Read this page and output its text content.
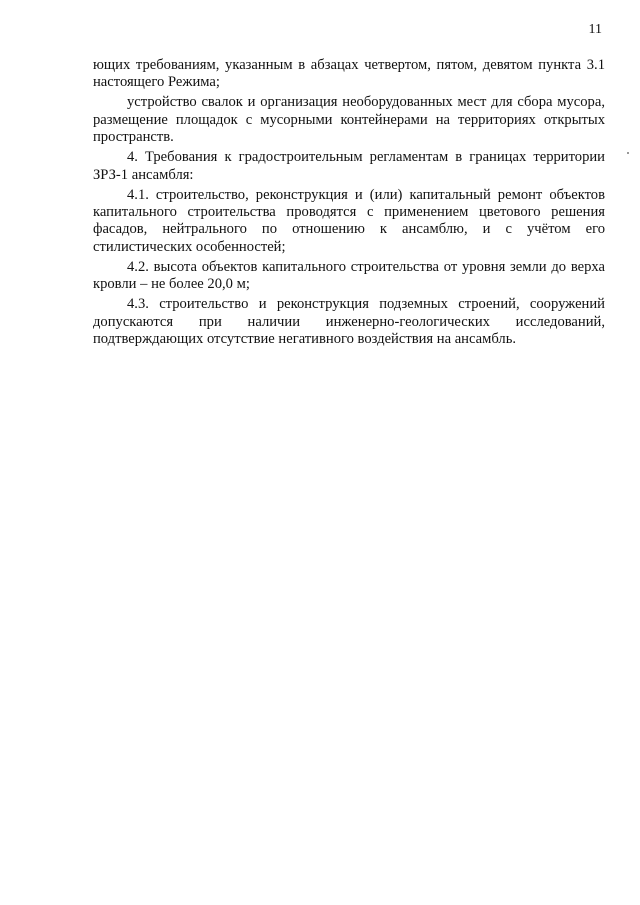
11

ющих требованиям, указанным в абзацах четвертом, пятом, девятом пункта 3.1 настоящего Режима;

устройство свалок и организация необорудованных мест для сбора мусора, размещение площадок с мусорными контейнерами на территориях открытых пространств.

4. Требования к градостроительным регламентам в границах территории ЗРЗ-1 ансамбля:

4.1. строительство, реконструкция и (или) капитальный ремонт объектов капитального строительства проводятся с применением цветового решения фасадов, нейтрального по отношению к ансамблю, и с учётом его стилистических особенностей;

4.2. высота объектов капитального строительства от уровня земли до верха кровли – не более 20,0 м;

4.3. строительство и реконструкция подземных строений, сооружений допускаются при наличии инженерно-геологических исследований, подтверждающих отсутствие негативного воздействия на ансамбль.
